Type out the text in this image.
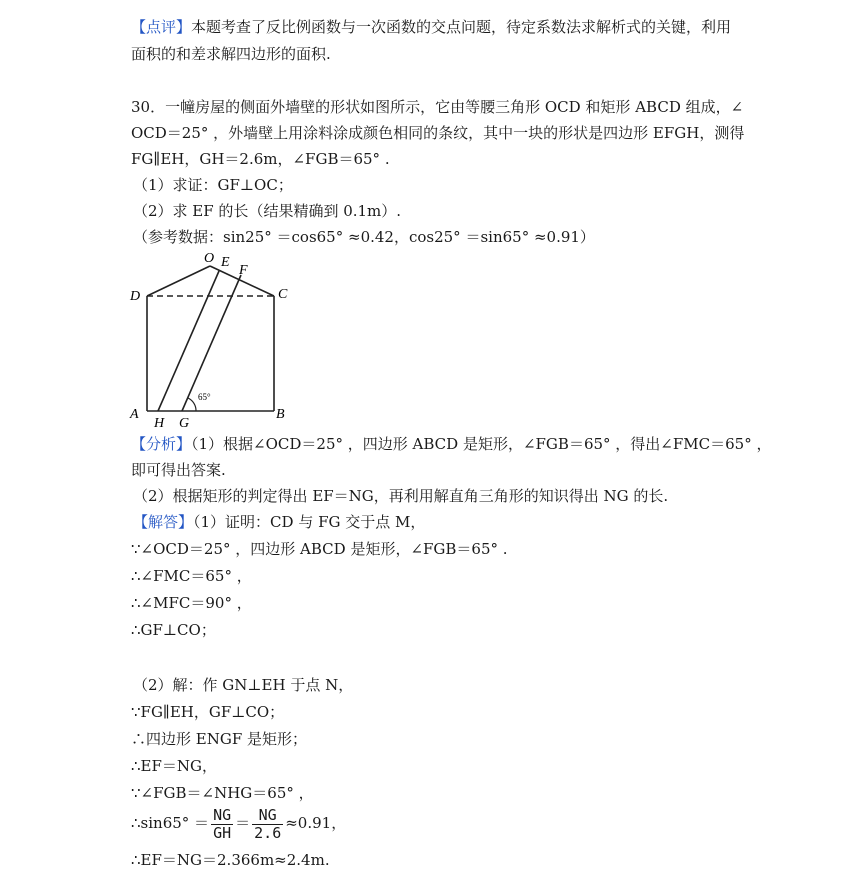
【点评】本题考查了反比例函数与一次函数的交点问题，待定系数法求解析式的关键，利用
面积的和差求解四边形的面积.
30．一幢房屋的侧面外墙壁的形状如图所示，它由等腰三角形 OCD 和矩形 ABCD 组成，∠
OCD＝25° ，外墙壁上用涂料涂成颜色相同的条纹，其中一块的形状是四边形 EFGH，测得
FG∥EH，GH＝2.6m，∠FGB＝65° .
（1）求证：GF⊥OC；
（2）求 EF 的长（结果精确到 0.1m）.
（参考数据：sin25° ＝cos65° ≈0.42，cos25° ＝sin65° ≈0.91）
O E
F
D	C
A
H G
B
65°
【分析】（1）根据∠OCD＝25° ，四边形 ABCD 是矩形，∠FGB＝65° ，得出∠FMC＝65° ，
即可得出答案.
（2）根据矩形的判定得出 EF＝NG，再利用解直角三角形的知识得出 NG 的长.
【解答】（1）证明：CD 与 FG 交于点 M，
∵∠OCD＝25° ，四边形 ABCD 是矩形，∠FGB＝65° .
∴∠FMC＝65° ，
∴∠MFC＝90° ，
∴GF⊥CO；
（2）解：作 GN⊥EH 于点 N，
∵FG∥EH，GF⊥CO；
∴四边形 ENGF 是矩形；
∴EF＝NG，
∵∠FGB＝∠NHG＝65° ，
∴sin65° ＝ $\frac{NG}{GH} = \frac{NG}{2.6} \approx 0.91$，
∴EF＝NG＝2.366m≈2.4m.
